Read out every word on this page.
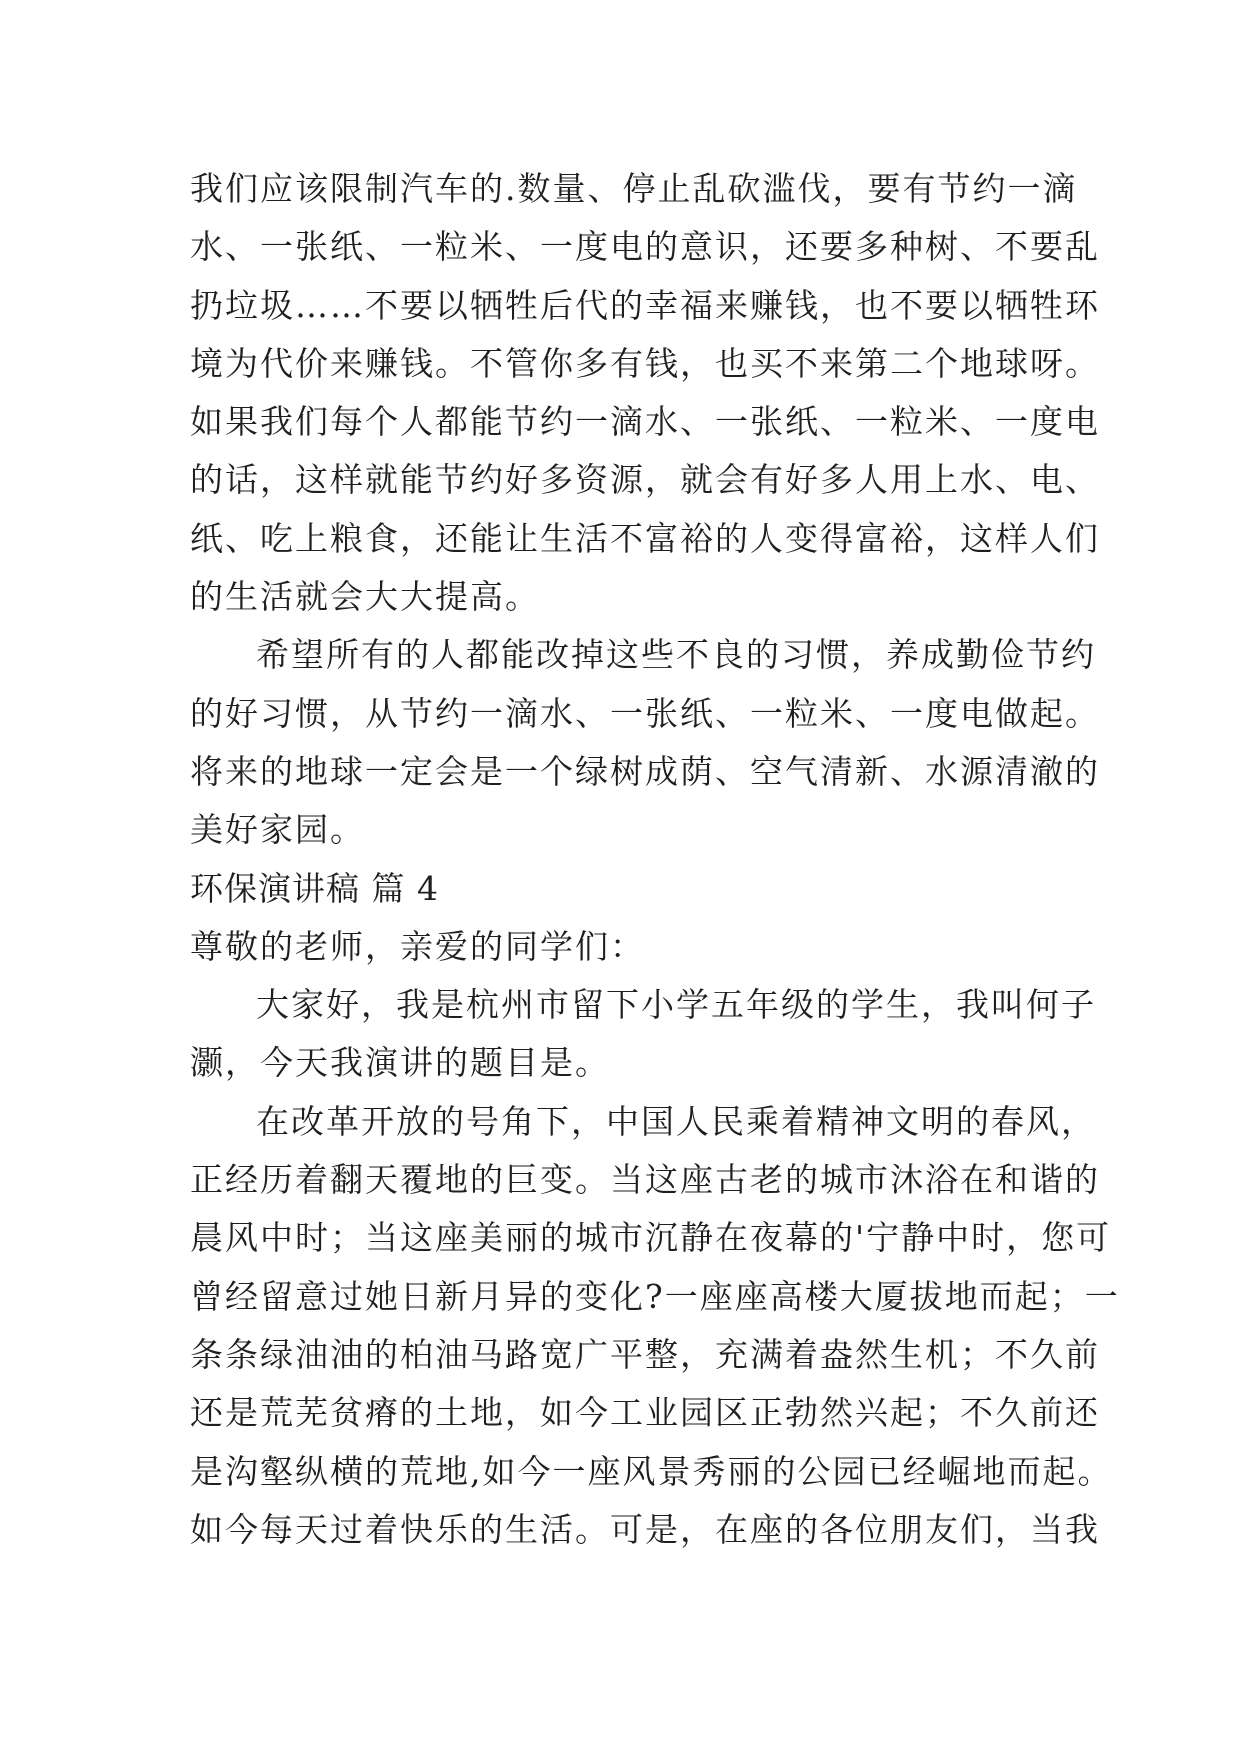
我们应该限制汽车的.数量、停止乱砍滥伐，要有节约一滴
水、一张纸、一粒米、一度电的意识，还要多种树、不要乱
扔垃圾……不要以牺牲后代的幸福来赚钱，也不要以牺牲环
境为代价来赚钱。不管你多有钱，也买不来第二个地球呀。
如果我们每个人都能节约一滴水、一张纸、一粒米、一度电
的话，这样就能节约好多资源，就会有好多人用上水、电、
纸、吃上粮食，还能让生活不富裕的人变得富裕，这样人们
的生活就会大大提高。
希望所有的人都能改掉这些不良的习惯，养成勤俭节约
的好习惯，从节约一滴水、一张纸、一粒米、一度电做起。
将来的地球一定会是一个绿树成荫、空气清新、水源清澈的
美好家园。
环保演讲稿 篇 4
尊敬的老师，亲爱的同学们：
大家好，我是杭州市留下小学五年级的学生，我叫何子
灏，今天我演讲的题目是。
在改革开放的号角下，中国人民乘着精神文明的春风，
正经历着翻天覆地的巨变。当这座古老的城市沐浴在和谐的
晨风中时；当这座美丽的城市沉静在夜幕的'宁静中时，您可
曾经留意过她日新月异的变化?一座座高楼大厦拔地而起；一
条条绿油油的柏油马路宽广平整，充满着盎然生机；不久前
还是荒芜贫瘠的土地，如今工业园区正勃然兴起；不久前还
是沟壑纵横的荒地,如今一座风景秀丽的公园已经崛地而起。
如今每天过着快乐的生活。可是，在座的各位朋友们，当我
